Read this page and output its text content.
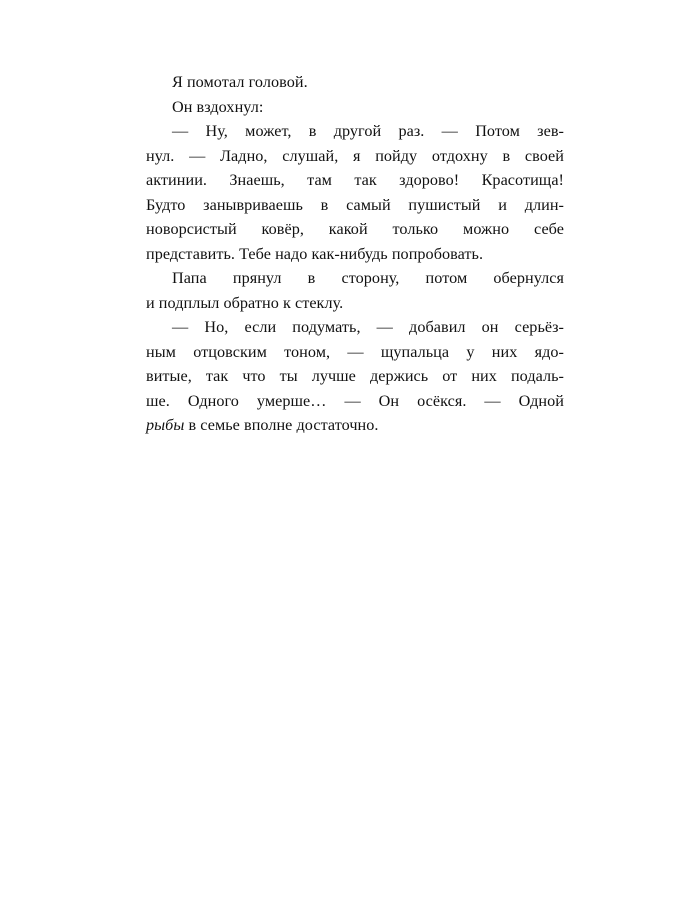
Я помотал головой.
Он вздохнул:
— Ну, может, в другой раз. — Потом зев-
нул. — Ладно, слушай, я пойду отдохну в своей
актинии. Знаешь, там так здорово! Красотища!
Будто занывриваешь в самый пушистый и длин-
новорсистый ковёр, какой только можно себе
представить. Тебе надо как-нибудь попробовать.
Папа прянул в сторону, потом обернулся
и подплыл обратно к стеклу.
— Но, если подумать, — добавил он серьёз-
ным отцовским тоном, — щупальца у них ядо-
витые, так что ты лучше держись от них подаль-
ше. Одного умерше… — Он осёкся. — Одной
рыбы в семье вполне достаточно.
